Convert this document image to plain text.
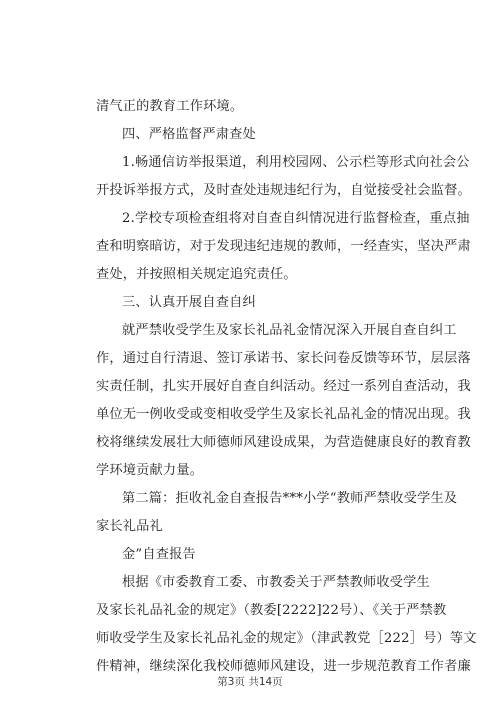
清气正的教育工作环境。
四、严格监督严肃查处
1.畅通信访举报渠道，利用校园网、公示栏等形式向社会公
开投诉举报方式，及时查处违规违纪行为，自觉接受社会监督。
2.学校专项检查组将对自查自纠情况进行监督检查，重点抽
查和明察暗访，对于发现违纪违规的教师，一经查实，坚决严肃
查处，并按照相关规定追究责任。
三、认真开展自查自纠
就严禁收受学生及家长礼品礼金情况深入开展自查自纠工
作，通过自行清退、签订承诺书、家长问卷反馈等环节，层层落
实责任制，扎实开展好自查自纠活动。经过一系列自查活动，我
单位无一例收受或变相收受学生及家长礼品礼金的情况出现。我
校将继续发展壮大师德师风建设成果，为营造健康良好的教育教
学环境贡献力量。
第二篇：拒收礼金自查报告***小学“教师严禁收受学生及
家长礼品礼
金”自查报告
根据《市委教育工委、市教委关于严禁教师收受学生
及家长礼品礼金的规定》（教委[2222]22号）、《关于严禁教
师收受学生及家长礼品礼金的规定》（津武教党［222］号）等文
件精神，继续深化我校师德师风建设，进一步规范教育工作者廉
第3页 共14页
